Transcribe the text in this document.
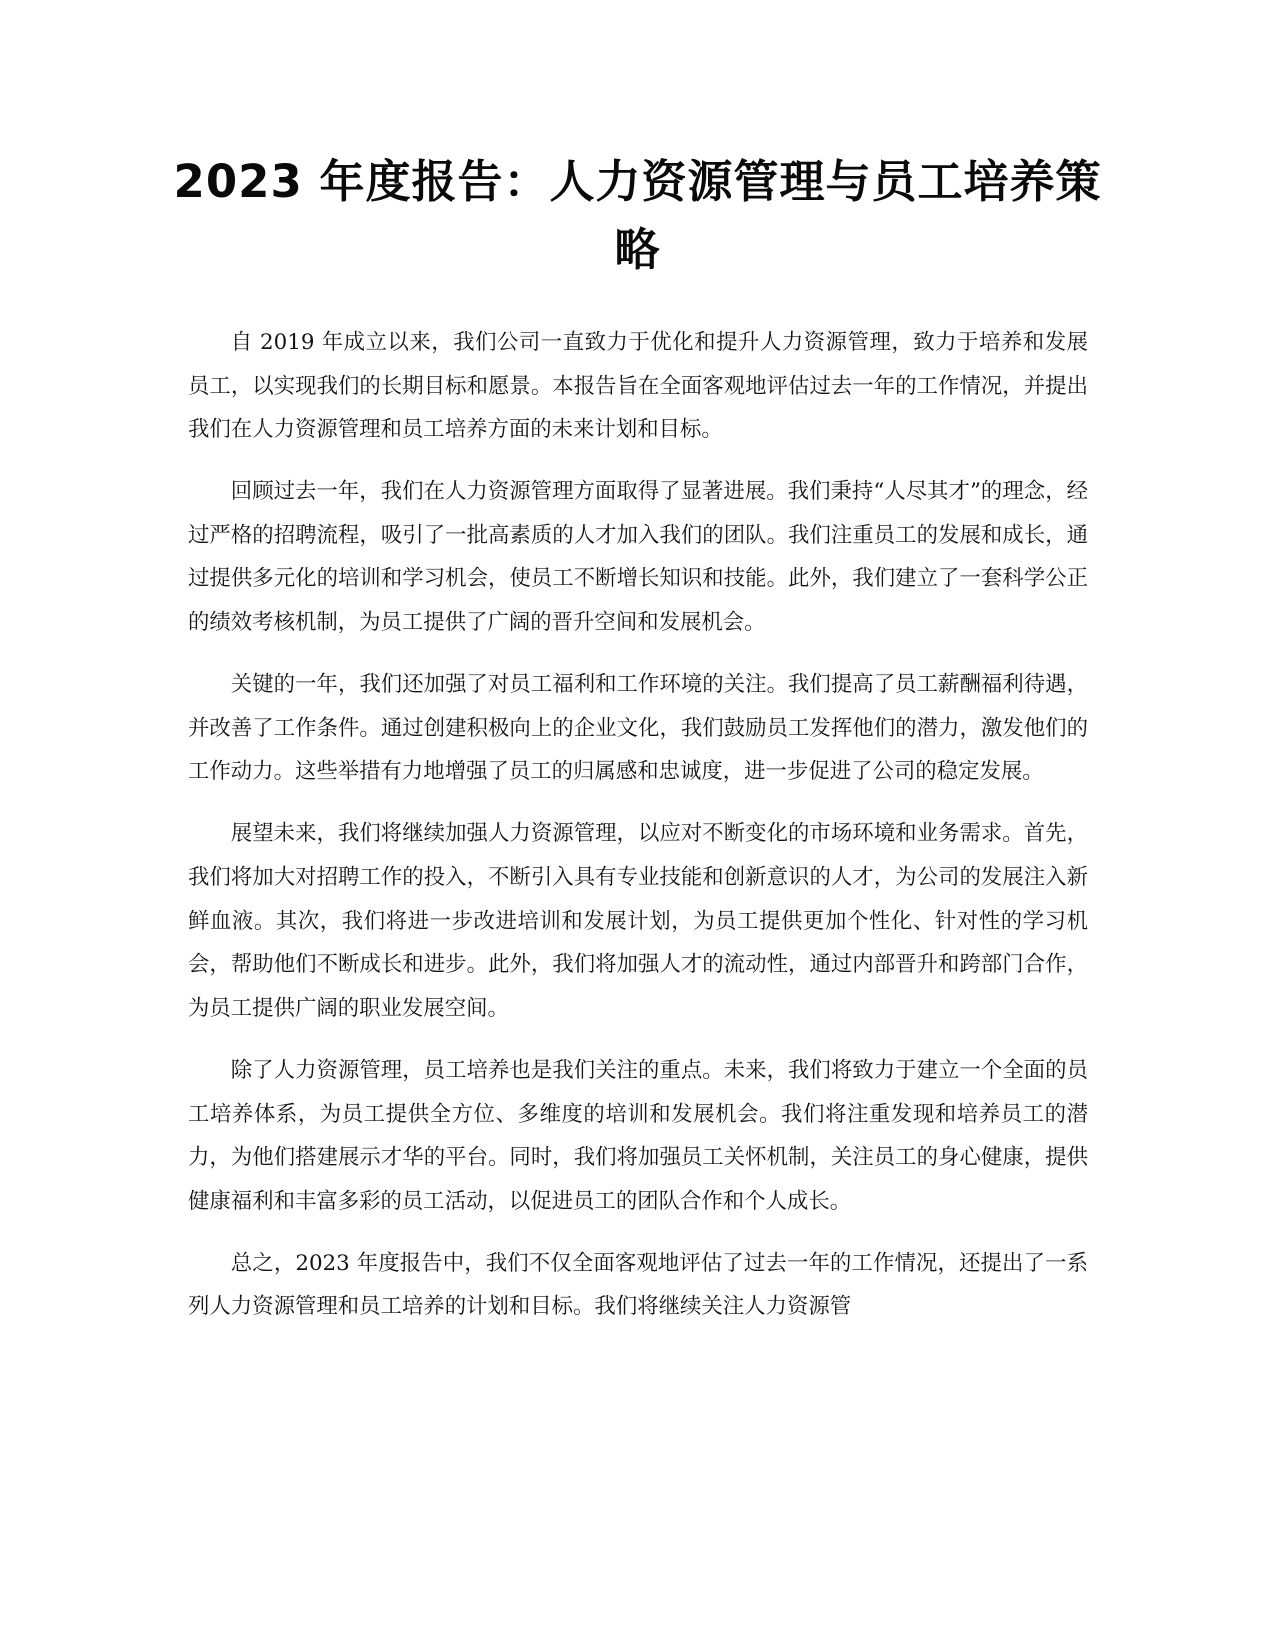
2023 年度报告：人力资源管理与员工培养策略

自 2019 年成立以来，我们公司一直致力于优化和提升人力资源管理，致力于培养和发展员工，以实现我们的长期目标和愿景。本报告旨在全面客观地评估过去一年的工作情况，并提出我们在人力资源管理和员工培养方面的未来计划和目标。

回顾过去一年，我们在人力资源管理方面取得了显著进展。我们秉持“人尽其才”的理念，经过严格的招聘流程，吸引了一批高素质的人才加入我们的团队。我们注重员工的发展和成长，通过提供多元化的培训和学习机会，使员工不断增长知识和技能。此外，我们建立了一套科学公正的绩效考核机制，为员工提供了广阔的晋升空间和发展机会。

关键的一年，我们还加强了对员工福利和工作环境的关注。我们提高了员工薪酬福利待遇，并改善了工作条件。通过创建积极向上的企业文化，我们鼓励员工发挥他们的潜力，激发他们的工作动力。这些举措有力地增强了员工的归属感和忠诚度，进一步促进了公司的稳定发展。

展望未来，我们将继续加强人力资源管理，以应对不断变化的市场环境和业务需求。首先，我们将加大对招聘工作的投入，不断引入具有专业技能和创新意识的人才，为公司的发展注入新鲜血液。其次，我们将进一步改进培训和发展计划，为员工提供更加个性化、针对性的学习机会，帮助他们不断成长和进步。此外，我们将加强人才的流动性，通过内部晋升和跨部门合作，为员工提供广阔的职业发展空间。

除了人力资源管理，员工培养也是我们关注的重点。未来，我们将致力于建立一个全面的员工培养体系，为员工提供全方位、多维度的培训和发展机会。我们将注重发现和培养员工的潜力，为他们搭建展示才华的平台。同时，我们将加强员工关怀机制，关注员工的身心健康，提供健康福利和丰富多彩的员工活动，以促进员工的团队合作和个人成长。

总之，2023 年度报告中，我们不仅全面客观地评估了过去一年的工作情况，还提出了一系列人力资源管理和员工培养的计划和目标。我们将继续关注人力资源管
